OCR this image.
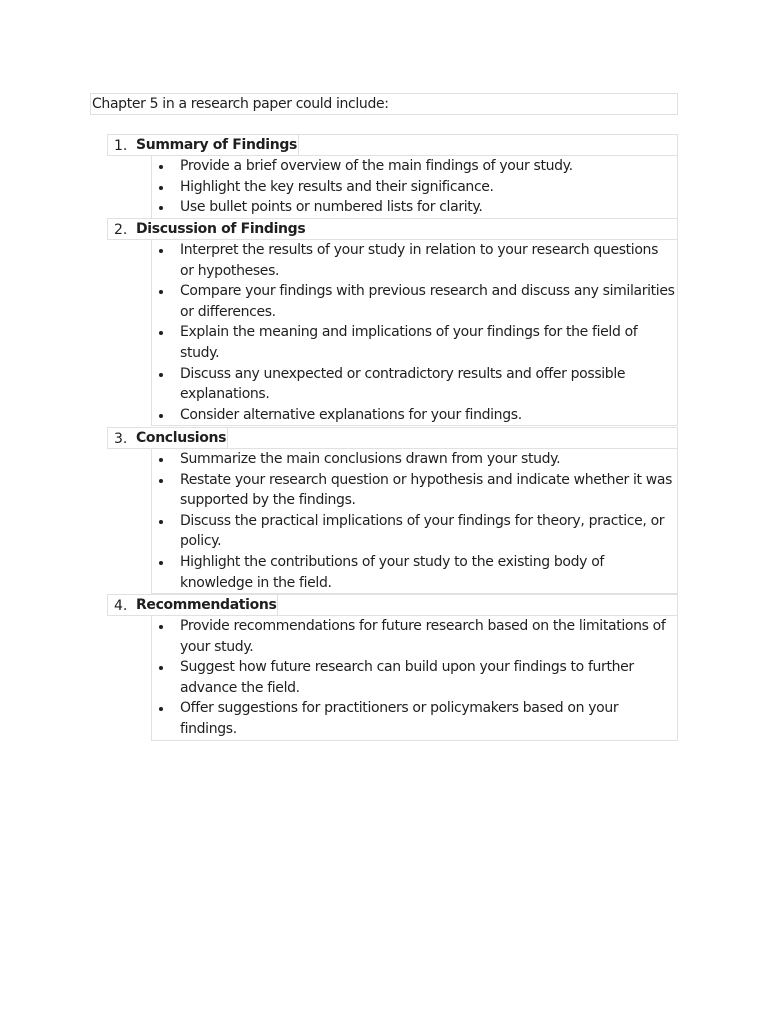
Chapter 5 in a research paper could include:
1. Summary of Findings
Provide a brief overview of the main findings of your study.
Highlight the key results and their significance.
Use bullet points or numbered lists for clarity.
2. Discussion of Findings
Interpret the results of your study in relation to your research questions or hypotheses.
Compare your findings with previous research and discuss any similarities or differences.
Explain the meaning and implications of your findings for the field of study.
Discuss any unexpected or contradictory results and offer possible explanations.
Consider alternative explanations for your findings.
3. Conclusions
Summarize the main conclusions drawn from your study.
Restate your research question or hypothesis and indicate whether it was supported by the findings.
Discuss the practical implications of your findings for theory, practice, or policy.
Highlight the contributions of your study to the existing body of knowledge in the field.
4. Recommendations
Provide recommendations for future research based on the limitations of your study.
Suggest how future research can build upon your findings to further advance the field.
Offer suggestions for practitioners or policymakers based on your findings.
